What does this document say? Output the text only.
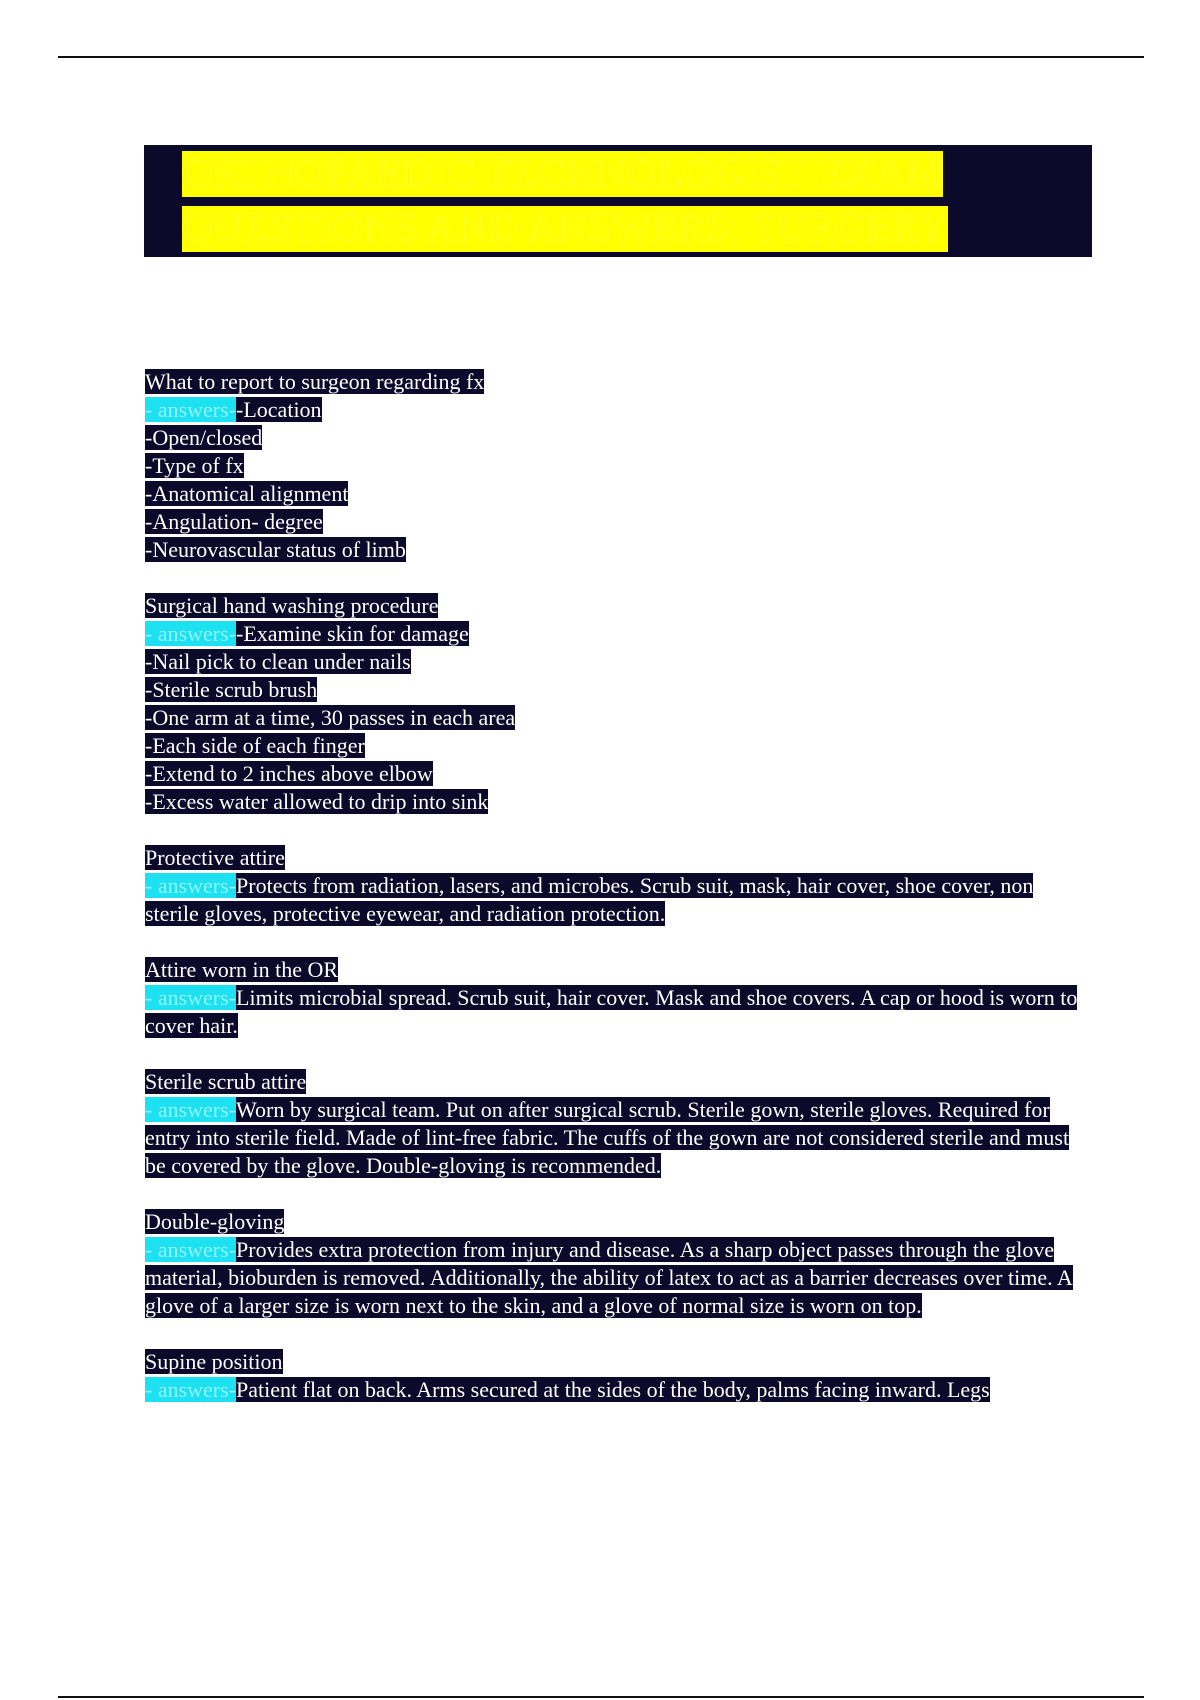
ORTHOPAEDIC TECHNOLOGIST EXAM
QUESTIONS AND ANSWERS: SURGERY
What to report to surgeon regarding fx
- answers--Location
-Open/closed
-Type of fx
-Anatomical alignment
-Angulation- degree
-Neurovascular status of limb
Surgical hand washing procedure
- answers--Examine skin for damage
-Nail pick to clean under nails
-Sterile scrub brush
-One arm at a time, 30 passes in each area
-Each side of each finger
-Extend to 2 inches above elbow
-Excess water allowed to drip into sink
Protective attire
- answers-Protects from radiation, lasers, and microbes. Scrub suit, mask, hair cover, shoe cover, non sterile gloves, protective eyewear, and radiation protection.
Attire worn in the OR
- answers-Limits microbial spread. Scrub suit, hair cover. Mask and shoe covers. A cap or hood is worn to cover hair.
Sterile scrub attire
- answers-Worn by surgical team. Put on after surgical scrub. Sterile gown, sterile gloves. Required for entry into sterile field. Made of lint-free fabric. The cuffs of the gown are not considered sterile and must be covered by the glove. Double-gloving is recommended.
Double-gloving
- answers-Provides extra protection from injury and disease. As a sharp object passes through the glove material, bioburden is removed. Additionally, the ability of latex to act as a barrier decreases over time. A glove of a larger size is worn next to the skin, and a glove of normal size is worn on top.
Supine position
- answers-Patient flat on back. Arms secured at the sides of the body, palms facing inward. Legs
